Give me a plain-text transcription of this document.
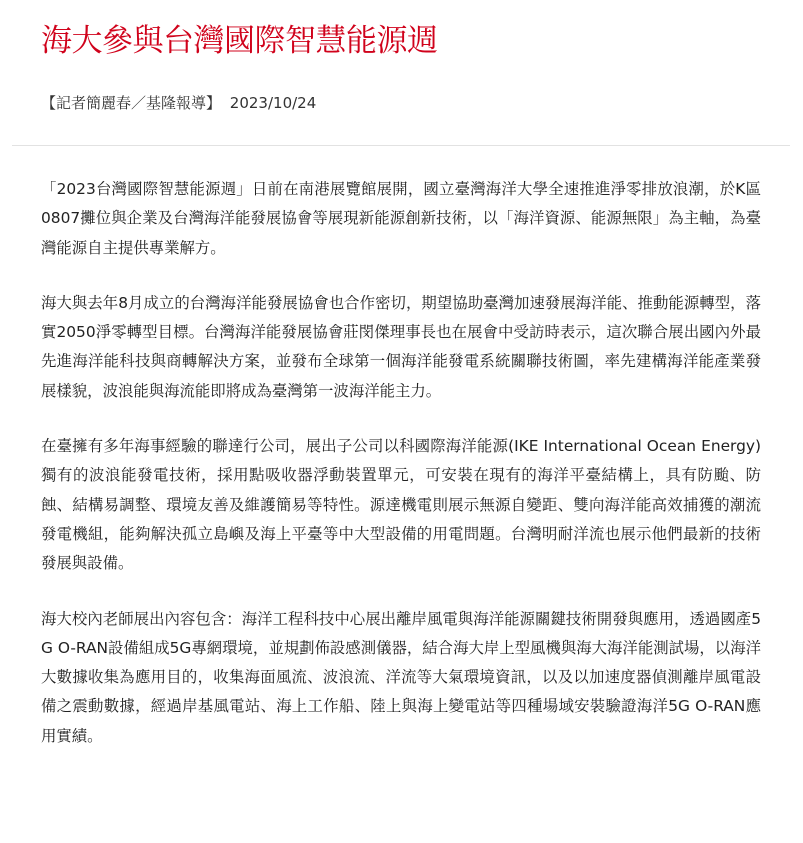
海大參與台灣國際智慧能源週
【記者簡麗春／基隆報導】 2023/10/24

「2023台灣國際智慧能源週」日前在南港展覽館展開，國立臺灣海洋大學全速推進淨零排放浪潮，於K區0807攤位與企業及台灣海洋能發展協會等展現新能源創新技術，以「海洋資源、能源無限」為主軸，為臺灣能源自主提供專業解方。

海大與去年8月成立的台灣海洋能發展協會也合作密切，期望協助臺灣加速發展海洋能、推動能源轉型，落實2050淨零轉型目標。台灣海洋能發展協會莊閔傑理事長也在展會中受訪時表示，這次聯合展出國內外最先進海洋能科技與商轉解決方案，並發布全球第一個海洋能發電系統關聯技術圖，率先建構海洋能產業發展樣貌，波浪能與海流能即將成為臺灣第一波海洋能主力。

在臺擁有多年海事經驗的聯達行公司，展出子公司以科國際海洋能源(IKE International Ocean Energy)獨有的波浪能發電技術，採用點吸收器浮動裝置單元，可安裝在現有的海洋平臺結構上，具有防颱、防蝕、結構易調整、環境友善及維護簡易等特性。源達機電則展示無源自變距、雙向海洋能高效捕獲的潮流發電機組，能夠解決孤立島嶼及海上平臺等中大型設備的用電問題。台灣明耐洋流也展示他們最新的技術發展與設備。

海大校內老師展出內容包含：海洋工程科技中心展出離岸風電與海洋能源關鍵技術開發與應用，透過國產5G O-RAN設備組成5G專網環境，並規劃佈設感測儀器，結合海大岸上型風機與海大海洋能測試場，以海洋大數據收集為應用目的，收集海面風流、波浪流、洋流等大氣環境資訊，以及以加速度器偵測離岸風電設備之震動數據，經過岸基風電站、海上工作船、陸上與海上變電站等四種場域安裝驗證海洋5G O-RAN應用實績。
